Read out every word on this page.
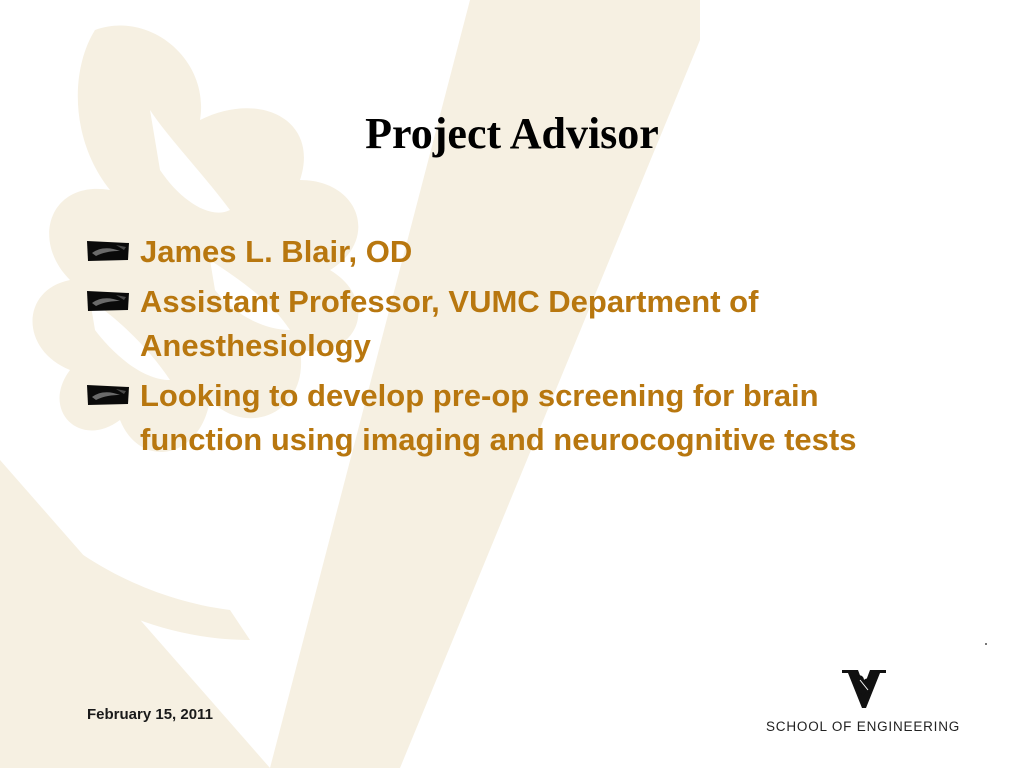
Project Advisor
James L. Blair, OD
Assistant Professor, VUMC Department of Anesthesiology
Looking to develop pre-op screening for brain function using imaging and neurocognitive tests
February 15, 2011
SCHOOL OF ENGINEERING
